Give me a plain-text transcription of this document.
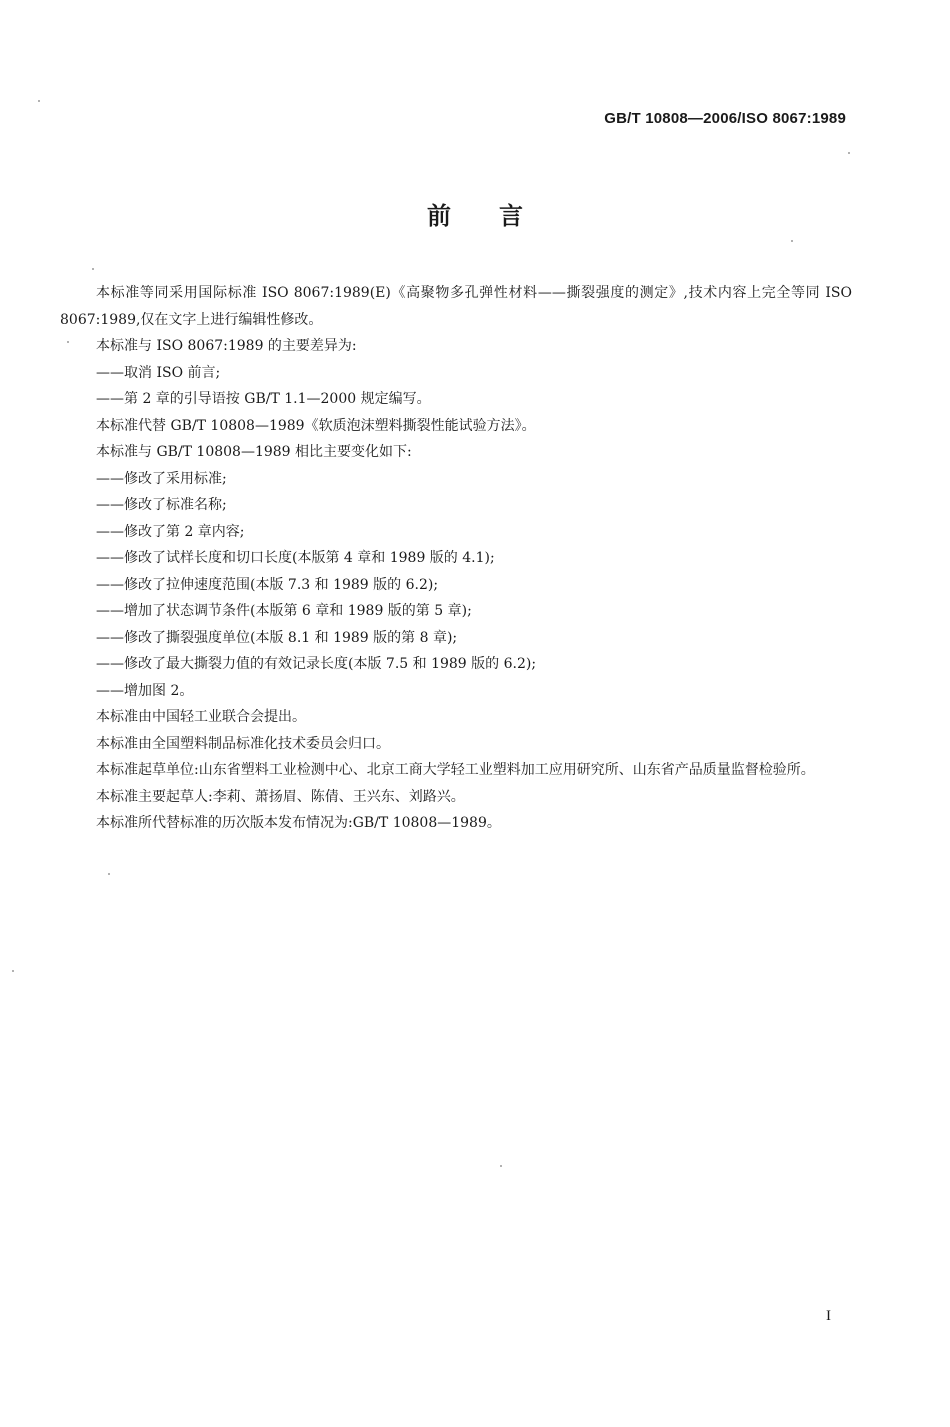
GB/T 10808—2006/ISO 8067:1989
前言

本标准等同采用国际标准 ISO 8067:1989(E)《高聚物多孔弹性材料——撕裂强度的测定》,技术内容上完全等同 ISO 8067:1989,仅在文字上进行编辑性修改。

本标准与 ISO 8067:1989 的主要差异为:

——取消 ISO 前言;

——第 2 章的引导语按 GB/T 1.1—2000 规定编写。

本标准代替 GB/T 10808—1989《软质泡沫塑料撕裂性能试验方法》。

本标准与 GB/T 10808—1989 相比主要变化如下:

——修改了采用标准;

——修改了标准名称;

——修改了第 2 章内容;

——修改了试样长度和切口长度(本版第 4 章和 1989 版的 4.1);

——修改了拉伸速度范围(本版 7.3 和 1989 版的 6.2);

——增加了状态调节条件(本版第 6 章和 1989 版的第 5 章);

——修改了撕裂强度单位(本版 8.1 和 1989 版的第 8 章);

——修改了最大撕裂力值的有效记录长度(本版 7.5 和 1989 版的 6.2);

——增加图 2。

本标准由中国轻工业联合会提出。

本标准由全国塑料制品标准化技术委员会归口。

本标准起草单位:山东省塑料工业检测中心、北京工商大学轻工业塑料加工应用研究所、山东省产品质量监督检验所。

本标准主要起草人:李莉、萧扬眉、陈倩、王兴东、刘路兴。

本标准所代替标准的历次版本发布情况为:GB/T 10808—1989。

I
